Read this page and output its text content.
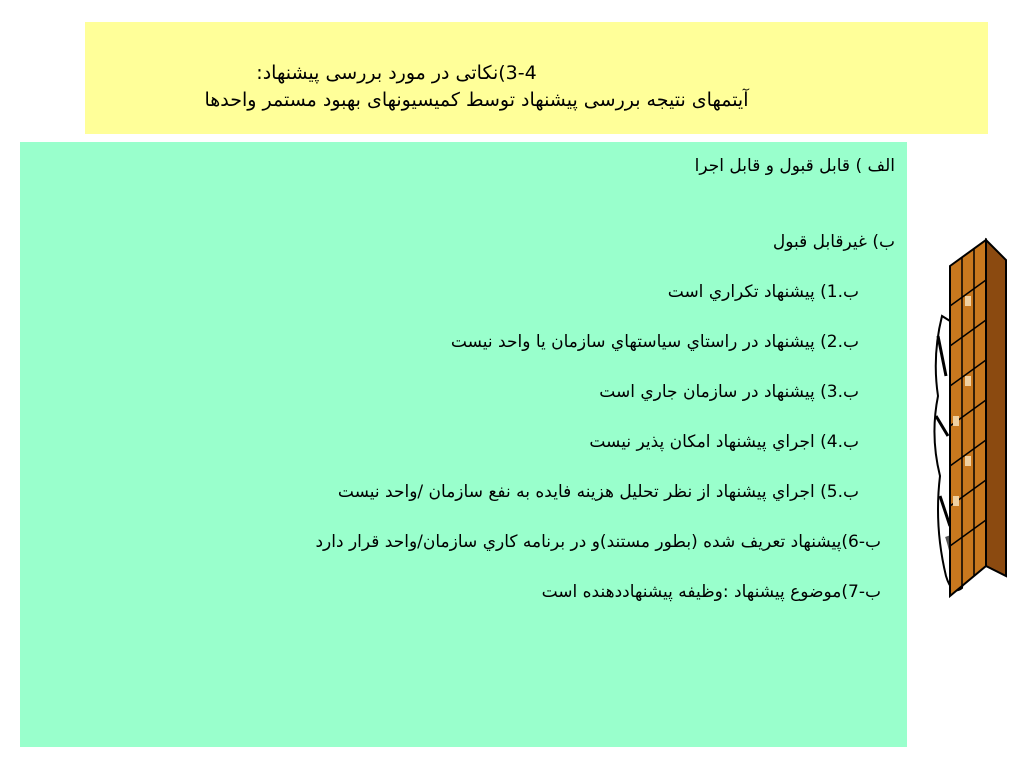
3-4)نکاتی در مورد بررسی پیشنهاد:
آیتمهای نتیجه بررسی پیشنهاد توسط کمیسیونهای بهبود مستمر واحدها
الف ) قابل قبول و قابل اجرا
ب) غیرقابل قبول
ب.1) پيشنهاد تکراري است
ب.2) پيشنهاد در راستاي سياستهاي سازمان يا واحد نيست
ب.3) پيشنهاد در سازمان جاري است
ب.4) اجراي پيشنهاد امکان پذير نيست
ب.5) اجراي پيشنهاد از نظر تحليل هزينه فايده به نفع سازمان /واحد نيست
ب-6)پيشنهاد تعريف شده (بطور مستند)و در برنامه کاري سازمان/واحد قرار دارد
ب-7)موضوع پيشنهاد :وظيفه پيشنهاددهنده است
